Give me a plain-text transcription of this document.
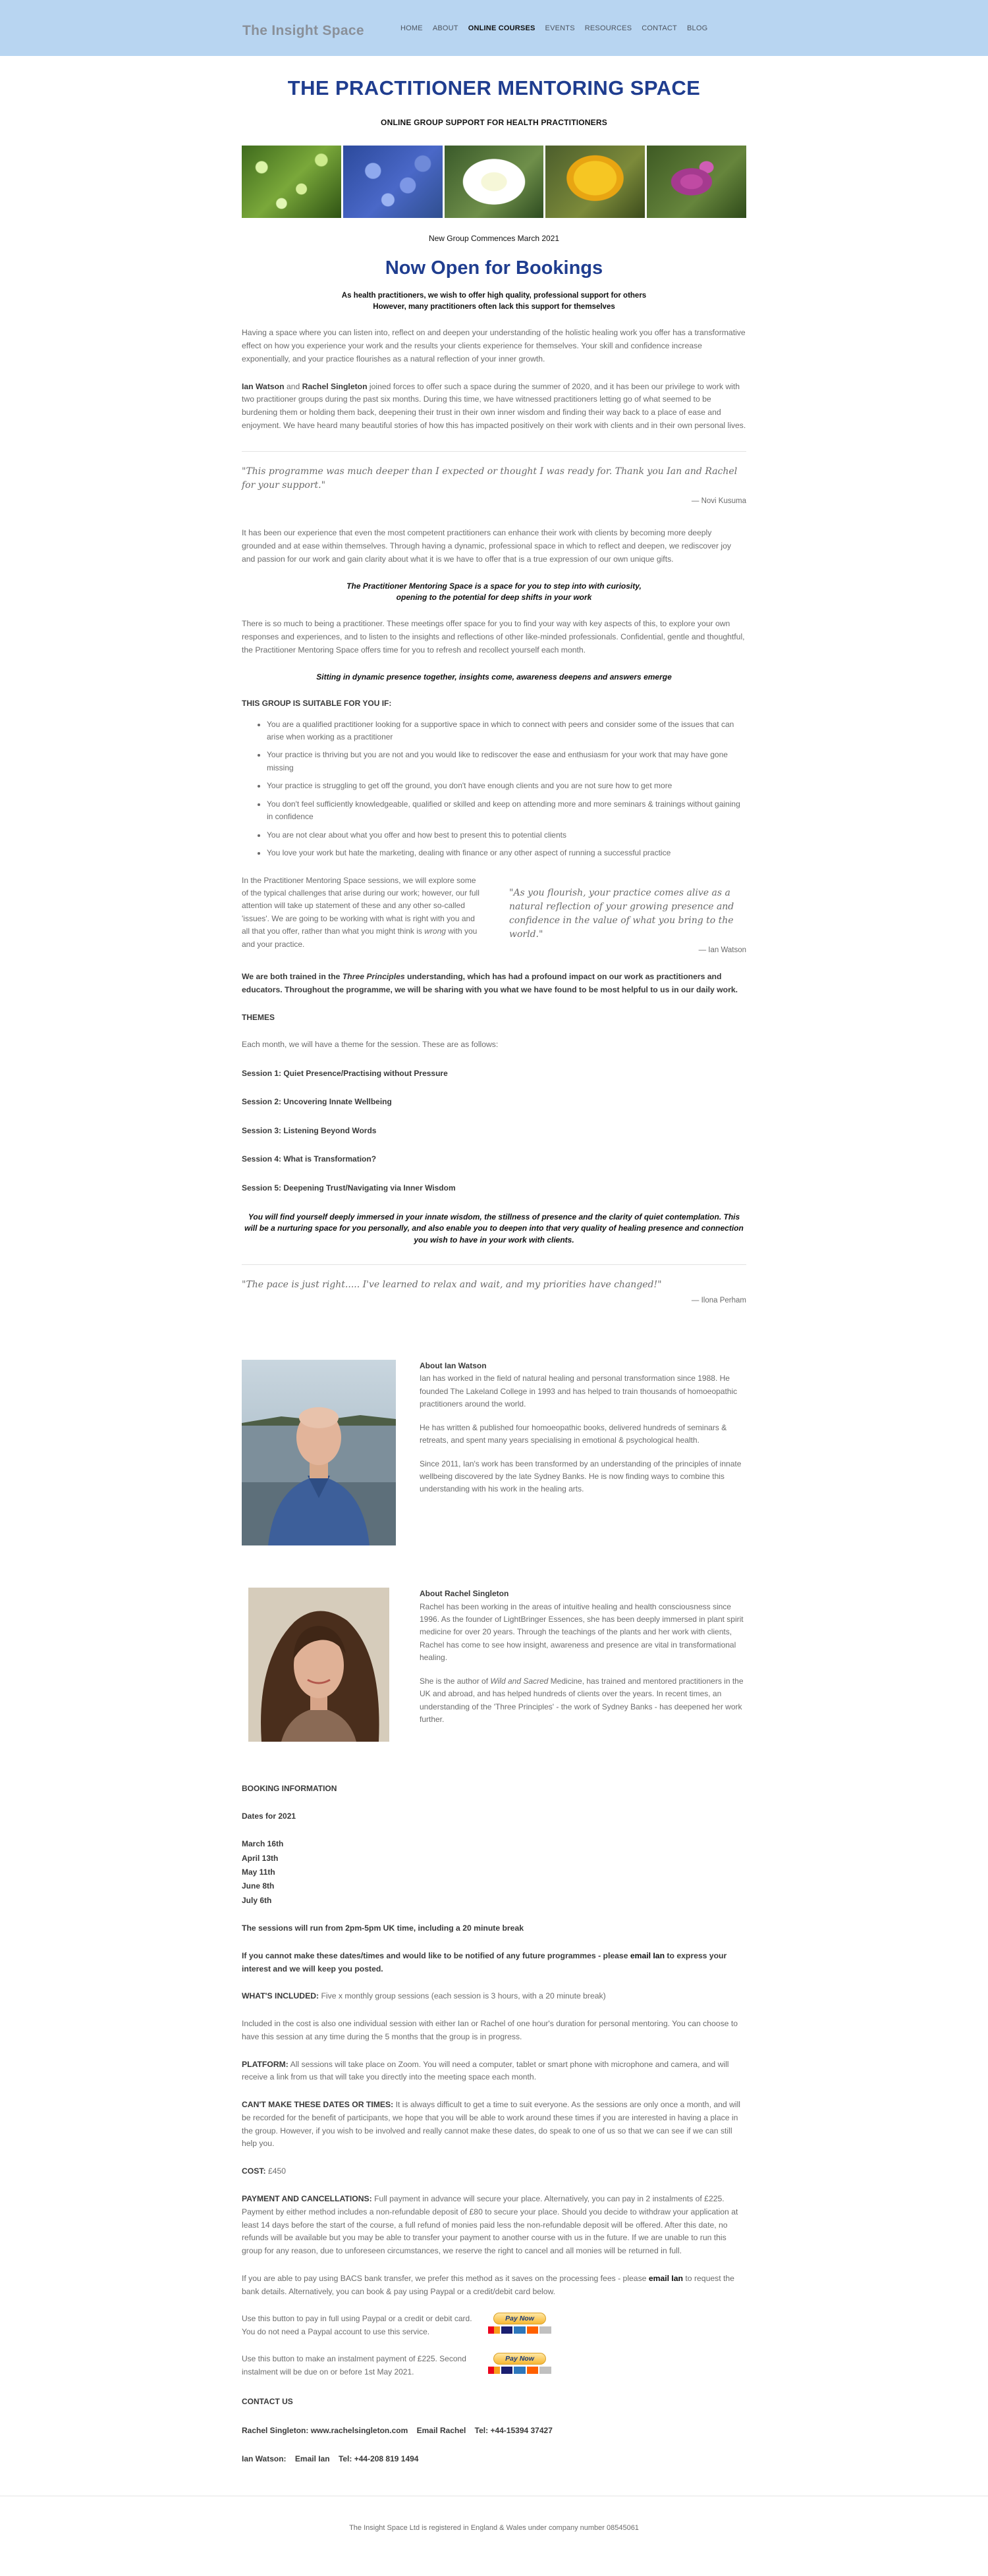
The Insight Space	HOME ABOUT ONLINE COURSES EVENTS RESOURCES CONTACT BLOG
THE PRACTITIONER MENTORING SPACE
ONLINE GROUP SUPPORT FOR HEALTH PRACTITIONERS
New Group Commences March 2021
Now Open for Bookings
As health practitioners, we wish to offer high quality, professional support for others
However, many practitioners often lack this support for themselves

Having a space where you can listen into, reflect on and deepen your understanding of the holistic healing work you offer has a transformative effect on how you experience your work and the results your clients experience for themselves. Your skill and confidence increase exponentially, and your practice flourishes as a natural reflection of your inner growth.

Ian Watson and Rachel Singleton joined forces to offer such a space during the summer of 2020, and it has been our privilege to work with two practitioner groups during the past six months. During this time, we have witnessed practitioners letting go of what seemed to be burdening them or holding them back, deepening their trust in their own inner wisdom and finding their way back to a place of ease and enjoyment. We have heard many beautiful stories of how this has impacted positively on their work with clients and in their own personal lives.

"This programme was much deeper than I expected or thought I was ready for. Thank you Ian and Rachel for your support."
— Novi Kusuma

It has been our experience that even the most competent practitioners can enhance their work with clients by becoming more deeply grounded and at ease within themselves. Through having a dynamic, professional space in which to reflect and deepen, we rediscover joy and passion for our work and gain clarity about what it is we have to offer that is a true expression of our own unique gifts.

The Practitioner Mentoring Space is a space for you to step into with curiosity,
opening to the potential for deep shifts in your work

There is so much to being a practitioner. These meetings offer space for you to find your way with key aspects of this, to explore your own responses and experiences, and to listen to the insights and reflections of other like-minded professionals. Confidential, gentle and thoughtful, the Practitioner Mentoring Space offers time for you to refresh and recollect yourself each month.

Sitting in dynamic presence together, insights come, awareness deepens and answers emerge
THIS GROUP IS SUITABLE FOR YOU IF:
• You are a qualified practitioner looking for a supportive space in which to connect with peers and consider some of the issues that can arise when working as a practitioner
• Your practice is thriving but you are not and you would like to rediscover the ease and enthusiasm for your work that may have gone missing
• Your practice is struggling to get off the ground, you don't have enough clients and you are not sure how to get more
• You don't feel sufficiently knowledgeable, qualified or skilled and keep on attending more and more seminars & trainings without gaining in confidence
• You are not clear about what you offer and how best to present this to potential clients
• You love your work but hate the marketing, dealing with finance or any other aspect of running a successful practice
In the Practitioner Mentoring Space sessions, we will explore some of the typical challenges that arise during our work; however, our full attention will take up statement of these and any other so-called 'issues'. We are going to be working with what is right with you and all that you offer, rather than what you might think is wrong with you and your practice.
"As you flourish, your practice comes alive as a natural reflection of your growing presence and confidence in the value of what you bring to the world."
— Ian Watson

We are both trained in the Three Principles understanding, which has had a profound impact on our work as practitioners and educators. Throughout the programme, we will be sharing with you what we have found to be most helpful to us in our daily work.

THEMES

Each month, we will have a theme for the session. These are as follows:

Session 1: Quiet Presence/Practising without Pressure
Session 2: Uncovering Innate Wellbeing
Session 3: Listening Beyond Words
Session 4: What is Transformation?
Session 5: Deepening Trust/Navigating via Inner Wisdom
You will find yourself deeply immersed in your innate wisdom, the stillness of presence and the clarity of quiet contemplation. This will be a nurturing space for you personally, and also enable you to deepen into that very quality of healing presence and connection you wish to have in your work with clients.
"The pace is just right..... I've learned to relax and wait, and my priorities have changed!"
— Ilona Perham
About Ian Watson

Ian has worked in the field of natural healing and personal transformation since 1988. He founded The Lakeland College in 1993 and has helped to train thousands of homoeopathic practitioners around the world.

He has written & published four homoeopathic books, delivered hundreds of seminars & retreats, and spent many years specialising in emotional & psychological health.

Since 2011, Ian's work has been transformed by an understanding of the principles of innate wellbeing discovered by the late Sydney Banks. He is now finding ways to combine this understanding with his work in the healing arts.

About Rachel Singleton

Rachel has been working in the areas of intuitive healing and health consciousness since 1996. As the founder of LightBringer Essences, she has been deeply immersed in plant spirit medicine for over 20 years. Through the teachings of the plants and her work with clients, Rachel has come to see how insight, awareness and presence are vital in transformational healing.

She is the author of Wild and Sacred Medicine, has trained and mentored practitioners in the UK and abroad, and has helped hundreds of clients over the years. In recent times, an understanding of the 'Three Principles' - the work of Sydney Banks - has deepened her work further.

BOOKING INFORMATION
Dates for 2021
March 16th
April 13th
May 11th
June 8th
July 6th

The sessions will run from 2pm-5pm UK time, including a 20 minute break

If you cannot make these dates/times and would like to be notified of any future programmes - please email Ian to express your interest and we will keep you posted.

WHAT'S INCLUDED: Five x monthly group sessions (each session is 3 hours, with a 20 minute break)

Included in the cost is also one individual session with either Ian or Rachel of one hour's duration for personal mentoring. You can choose to have this session at any time during the 5 months that the group is in progress.

PLATFORM: All sessions will take place on Zoom. You will need a computer, tablet or smart phone with microphone and camera, and will receive a link from us that will take you directly into the meeting space each month.

CAN'T MAKE THESE DATES OR TIMES: It is always difficult to get a time to suit everyone. As the sessions are only once a month, and will be recorded for the benefit of participants, we hope that you will be able to work around these times if you are interested in having a place in the group. However, if you wish to be involved and really cannot make these dates, do speak to one of us so that we can see if we can still help you.

COST: £450

PAYMENT AND CANCELLATIONS: Full payment in advance will secure your place. Alternatively, you can pay in 2 instalments of £225. Payment by either method includes a non-refundable deposit of £80 to secure your place. Should you decide to withdraw your application at least 14 days before the start of the course, a full refund of monies paid less the non-refundable deposit will be offered. After this date, no refunds will be available but you may be able to transfer your payment to another course with us in the future. If we are unable to run this group for any reason, due to unforeseen circumstances, we reserve the right to cancel and all monies will be returned in full.

If you are able to pay using BACS bank transfer, we prefer this method as it saves on the processing fees - please email Ian to request the bank details. Alternatively, you can book & pay using Paypal or a credit/debit card below.

Use this button to pay in full using Paypal or a credit or debit card. You do not need a Paypal account to use this service.
Pay Now
Use this button to make an instalment payment of £225. Second instalment will be due on or before 1st May 2021.
Pay Now
CONTACT US
Rachel Singleton: www.rachelsingleton.com Email Rachel Tel: +44-15394 37427
Ian Watson: Email Ian Tel: +44-208 819 1494
The Insight Space Ltd is registered in England & Wales under company number 08545061
